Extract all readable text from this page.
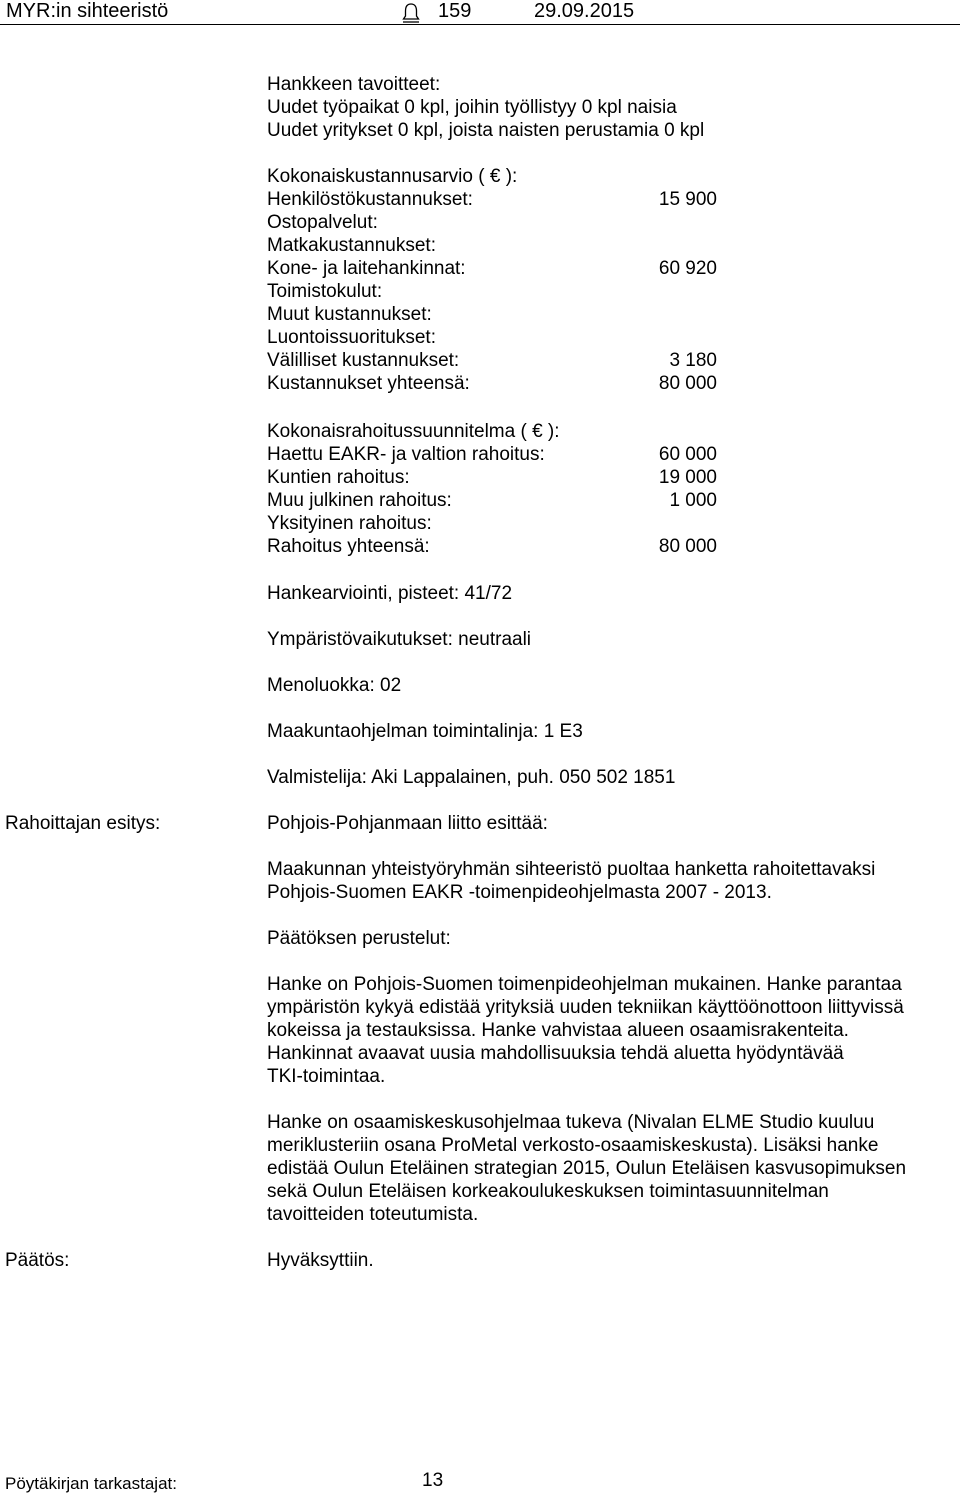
MYR:in sihteeristö	159	29.09.2015
Hankkeen tavoitteet:
Uudet työpaikat 0 kpl, joihin työllistyy 0 kpl naisia
Uudet yritykset 0 kpl, joista naisten perustamia 0 kpl
Kokonaiskustannusarvio ( € ):
Henkilöstökustannukset:	15 900
Ostopalvelut:
Matkakustannukset:
Kone- ja laitehankinnat:	60 920
Toimistokulut:
Muut kustannukset:
Luontoissuoritukset:
Välilliset kustannukset:	3 180
Kustannukset yhteensä:	80 000
Kokonaisrahoitussuunnitelma ( € ):
Haettu EAKR- ja valtion rahoitus:	60 000
Kuntien rahoitus:	19 000
Muu julkinen rahoitus:	1 000
Yksityinen rahoitus:
Rahoitus yhteensä:	80 000
Hankearviointi, pisteet: 41/72
Ympäristövaikutukset: neutraali
Menoluokka: 02
Maakuntaohjelman toimintalinja: 1 E3
Valmistelija: Aki Lappalainen, puh. 050 502 1851
Rahoittajan esitys:	Pohjois-Pohjanmaan liitto esittää:
Maakunnan yhteistyöryhmän sihteeristö puoltaa hanketta rahoitettavaksi
Pohjois-Suomen EAKR -toimenpideohjelmasta 2007 - 2013.
Päätöksen perustelut:
Hanke on Pohjois-Suomen toimenpideohjelman mukainen. Hanke parantaa
ympäristön kykyä edistää yrityksiä uuden tekniikan käyttöönottoon liittyvissä
kokeissa ja testauksissa. Hanke vahvistaa alueen osaamisrakenteita.
Hankinnat avaavat uusia mahdollisuuksia tehdä aluetta hyödyntävää
TKI-toimintaa.
Hanke on osaamiskeskusohjelmaa tukeva (Nivalan ELME Studio kuuluu
meriklusteriin osana ProMetal verkosto-osaamiskeskusta). Lisäksi hanke
edistää Oulun Eteläinen strategian 2015, Oulun Eteläisen kasvusopimuksen
sekä Oulun Eteläisen korkeakoulukeskuksen toimintasuunnitelman
tavoitteiden toteutumista.
Päätös:	Hyväksyttiin.
Pöytäkirjan tarkastajat:	13
